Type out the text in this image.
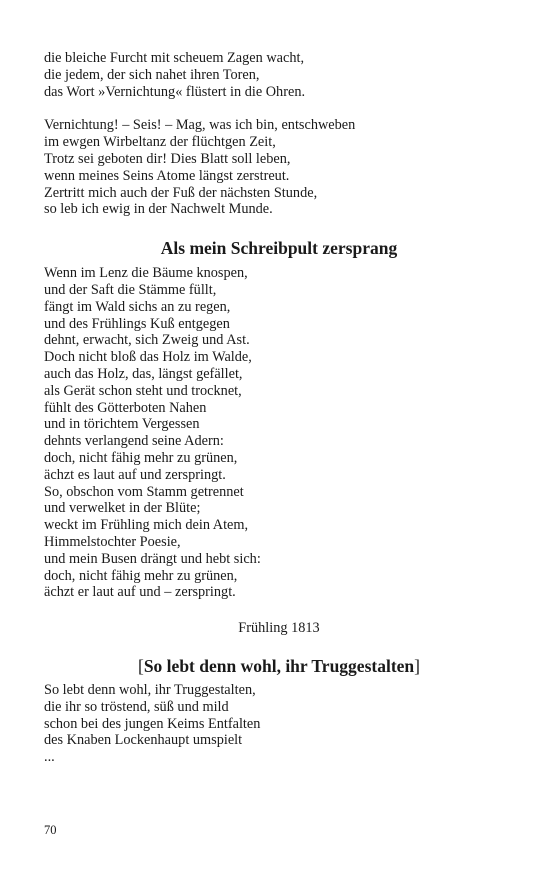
die bleiche Furcht mit scheuem Zagen wacht,
die jedem, der sich nahet ihren Toren,
das Wort »Vernichtung« flüstert in die Ohren.
Vernichtung! – Seis! – Mag, was ich bin, entschweben
im ewgen Wirbeltanz der flüchtgen Zeit,
Trotz sei geboten dir! Dies Blatt soll leben,
wenn meines Seins Atome längst zerstreut.
Zertritt mich auch der Fuß der nächsten Stunde,
so leb ich ewig in der Nachwelt Munde.
Als mein Schreibpult zersprang
Wenn im Lenz die Bäume knospen,
und der Saft die Stämme füllt,
fängt im Wald sichs an zu regen,
und des Frühlings Kuß entgegen
dehnt, erwacht, sich Zweig und Ast.
Doch nicht bloß das Holz im Walde,
auch das Holz, das, längst gefället,
als Gerät schon steht und trocknet,
fühlt des Götterboten Nahen
und in törichtem Vergessen
dehnts verlangend seine Adern:
doch, nicht fähig mehr zu grünen,
ächzt es laut auf und zerspringt.
So, obschon vom Stamm getrennet
und verwelket in der Blüte;
weckt im Frühling mich dein Atem,
Himmelstochter Poesie,
und mein Busen drängt und hebt sich:
doch, nicht fähig mehr zu grünen,
ächzt er laut auf und – zerspringt.
Frühling 1813
[So lebt denn wohl, ihr Truggestalten]
So lebt denn wohl, ihr Truggestalten,
die ihr so tröstend, süß und mild
schon bei des jungen Keims Entfalten
des Knaben Lockenhaupt umspielt
...
70
